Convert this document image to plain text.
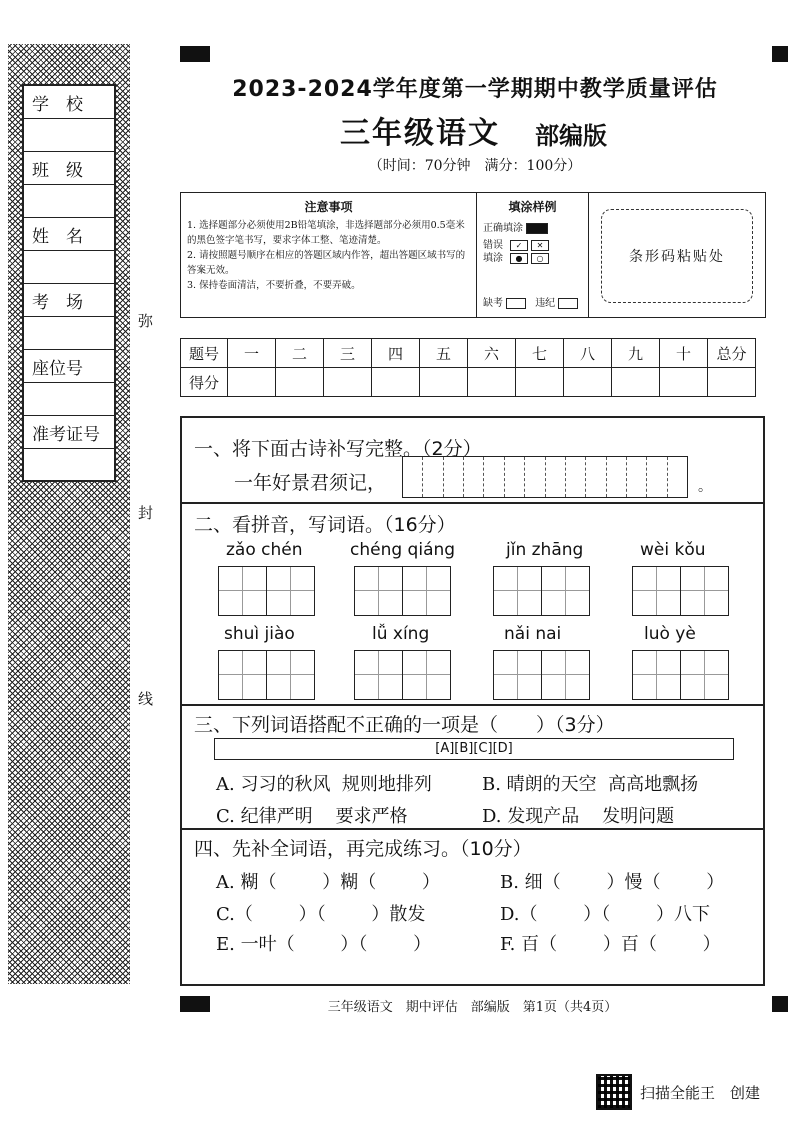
学　校
班　级
姓　名
考　场
座位号
准考证号
弥
封
线
2023-2024学年度第一学期期中教学质量评估
三年级语文 部编版
（时间：70分钟　满分：100分）
注意事项
1. 选择题部分必须使用2B铅笔填涂，非选择题部分必须用0.5毫米的黑色签字笔书写，要求字体工整、笔迹清楚。
2. 请按照题号顺序在相应的答题区域内作答，超出答题区域书写的答案无效。
3. 保持卷面清洁，不要折叠，不要弄破。
填涂样例
正确填涂
错误填涂
✓ ✕
● ○
缺考	违纪
条形码粘贴处
题号	一	二	三	四	五	六	七	八	九	十	总分
得分											
一、将下面古诗补写完整。（2分）
一年好景君须记，	。
二、看拼音，写词语。（16分）
zǎo chén	chéng qiáng	jǐn zhāng	wèi kǒu
shuì jiào	lǚ xíng	nǎi nai	luò yè
三、下列词语搭配不正确的一项是（　　）（3分）
[A][B][C][D]
A. 习习的秋风  规则地排列	B. 晴朗的天空  高高地飘扬
C. 纪律严明    要求严格	D. 发现产品    发明问题
四、先补全词语，再完成练习。（10分）
A. 糊（        ）糊（        ）	B. 细（        ）慢（        ）
C.（        ）（        ）散发	D.（        ）（        ）八下
E. 一叶（        ）（        ）	F. 百（        ）百（        ）
三年级语文　期中评估　部编版　第1页（共4页）
扫描全能王　创建
